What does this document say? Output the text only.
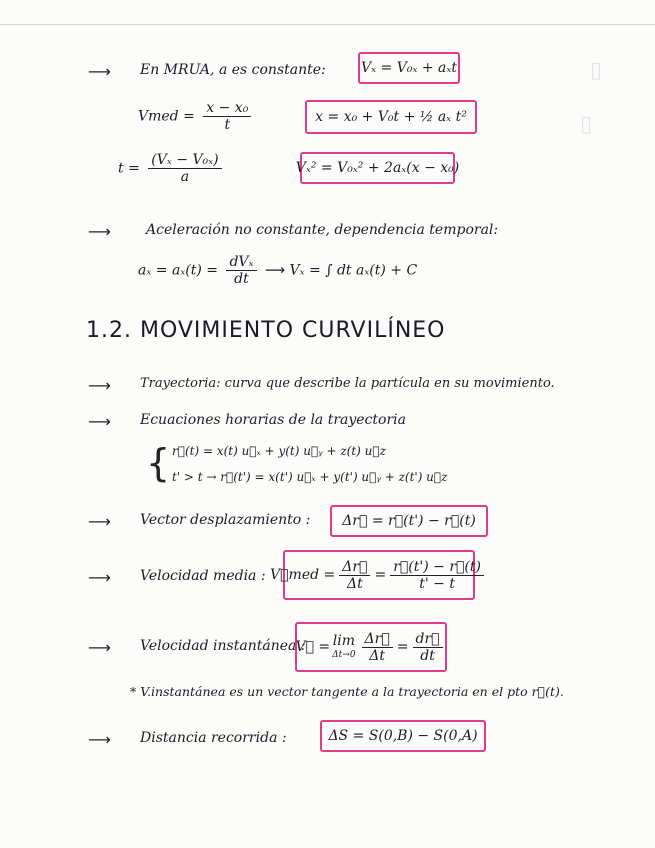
▯
▯
⟶ En MRUA, a es constante:	Vₓ = V₀ₓ + aₓt
Vmed = $\frac{\text{x − x₀}}{t}$	x = x₀ + V₀t + ½ aₓ t²
$t = \frac{\text{(Vₓ − V₀ₓ)}}{a}$	Vₓ² = V₀ₓ² + 2aₓ(x − x₀)
⟶	Aceleración no constante, dependencia temporal:
$a_x = a_x(t) = \frac{\text{dVₓ}}{dt}$ ⟶ Vₓ = ∫ dt aₓ(t) + C
1.2. MOVIMIENTO CURVILÍNEO
⟶ Trayectoria: curva que describe la partícula en su movimiento.
⟶ Ecuaciones horarias de la trayectoria
{ r⃗(t) = x(t) u⃗ₓ + y(t) u⃗ᵧ + z(t) u⃗z
t' > t → r⃗(t') = x(t') u⃗ₓ + y(t') u⃗ᵧ + z(t') u⃗z
⟶ Vector desplazamiento :	Δr⃗ = r⃗(t') − r⃗(t)
⟶ Velocidad media : V⃗med = $\frac{\Delta r⃗}{\Delta t} = \frac{r⃗(t') - r⃗(t)}{t' - t}$
⟶ Velocidad instantánea :
V⃗ = lim
$\Delta t\to 0 \frac{\Delta r⃗}{\Delta t} = \frac{dr⃗}{dt}$
* V.instantánea es un vector tangente a la trayectoria en el pto r⃗(t).
⟶ Distancia recorrida :	ΔS = S(0,B) − S(0,A)
